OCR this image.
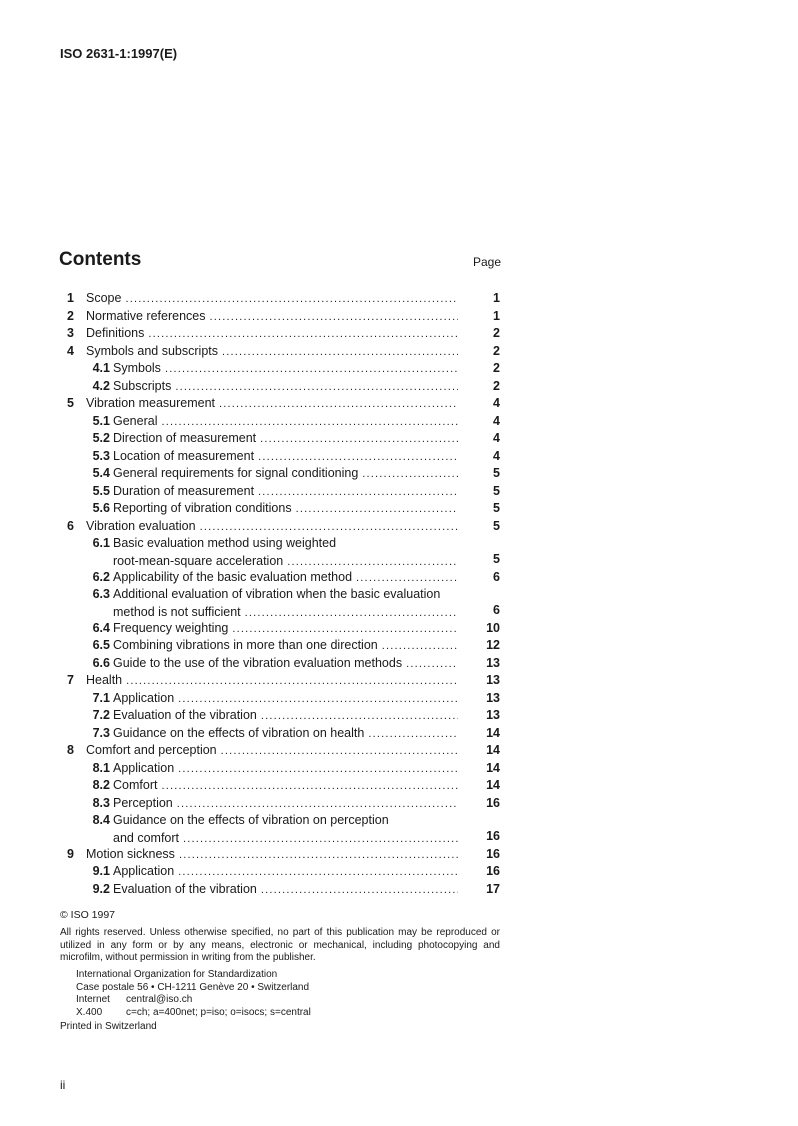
ISO 2631-1:1997(E)
Contents	Page
1 Scope .....	1
2 Normative references .....	1
3 Definitions .....	2
4 Symbols and subscripts .....	2
4.1 Symbols .....	2
4.2 Subscripts .....	2
5 Vibration measurement .....	4
5.1 General .....	4
5.2 Direction of measurement .....	4
5.3 Location of measurement .....	4
5.4 General requirements for signal conditioning .....	5
5.5 Duration of measurement .....	5
5.6 Reporting of vibration conditions .....	5
6 Vibration evaluation .....	5
6.1 Basic evaluation method using weighted
root-mean-square acceleration .....	5
6.2 Applicability of the basic evaluation method .....	6
6.3 Additional evaluation of vibration when the basic evaluation
method is not sufficient .....	6
6.4 Frequency weighting .....	10
6.5 Combining vibrations in more than one direction .....	12
6.6 Guide to the use of the vibration evaluation methods .....	13
7 Health .....	13
7.1 Application .....	13
7.2 Evaluation of the vibration .....	13
7.3 Guidance on the effects of vibration on health .....	14
8 Comfort and perception .....	14
8.1 Application .....	14
8.2 Comfort .....	14
8.3 Perception .....	16
8.4 Guidance on the effects of vibration on perception
and comfort .....	16
9 Motion sickness .....	16
9.1 Application .....	16
9.2 Evaluation of the vibration .....	17
© ISO 1997
All rights reserved. Unless otherwise specified, no part of this publication may be reproduced or utilized in any form or by any means, electronic or mechanical, including photocopying and microfilm, without permission in writing from the publisher.
International Organization for Standardization
Case postale 56 • CH-1211 Genève 20 • Switzerland
Internet central@iso.ch
X.400 c=ch; a=400net; p=iso; o=isocs; s=central
Printed in Switzerland
ii
